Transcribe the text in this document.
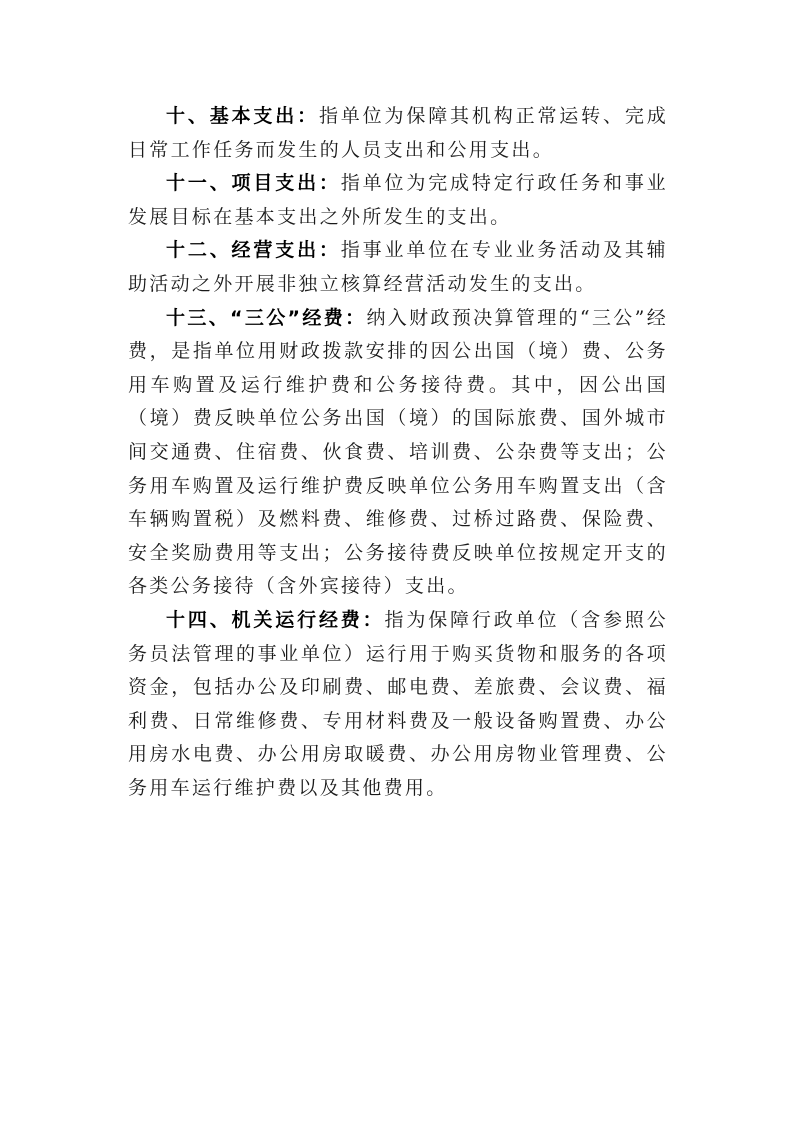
十、基本支出：指单位为保障其机构正常运转、完成日常工作任务而发生的人员支出和公用支出。

十一、项目支出：指单位为完成特定行政任务和事业发展目标在基本支出之外所发生的支出。

十二、经营支出：指事业单位在专业业务活动及其辅助活动之外开展非独立核算经营活动发生的支出。

十三、“三公”经费：纳入财政预决算管理的“三公”经费，是指单位用财政拨款安排的因公出国（境）费、公务用车购置及运行维护费和公务接待费。其中，因公出国（境）费反映单位公务出国（境）的国际旅费、国外城市间交通费、住宿费、伙食费、培训费、公杂费等支出；公务用车购置及运行维护费反映单位公务用车购置支出（含车辆购置税）及燃料费、维修费、过桥过路费、保险费、安全奖励费用等支出；公务接待费反映单位按规定开支的各类公务接待（含外宾接待）支出。

十四、机关运行经费：指为保障行政单位（含参照公务员法管理的事业单位）运行用于购买货物和服务的各项资金，包括办公及印刷费、邮电费、差旅费、会议费、福利费、日常维修费、专用材料费及一般设备购置费、办公用房水电费、办公用房取暖费、办公用房物业管理费、公务用车运行维护费以及其他费用。
